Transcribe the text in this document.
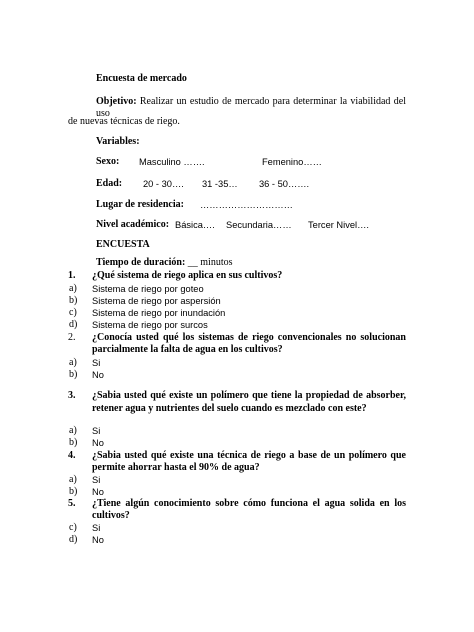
Encuesta de mercado
Objetivo: Realizar un estudio de mercado para determinar la viabilidad del uso
de nuevas técnicas de riego.
Variables:
Sexo: Masculino …….	Femenino……
Edad: 20 - 30…. 31 -35… 36 - 50…….
Lugar de residencia: …………………………
Nivel académico: Básica…. Secundaria…… Tercer Nivel….
ENCUESTA
Tiempo de duración: __ minutos
1. ¿Qué sistema de riego aplica en sus cultivos?
a) Sistema de riego por goteo
b) Sistema de riego por aspersión
c) Sistema de riego por inundación
d) Sistema de riego por surcos
2. ¿Conocía usted qué los sistemas de riego convencionales no solucionan
parcialmente la falta de agua en los cultivos?
a) Si
b) No
3. ¿Sabia usted qué existe un polímero que tiene la propiedad de absorber,
retener agua y nutrientes del suelo cuando es mezclado con este?
a) Si
b) No
4. ¿Sabia usted qué existe una técnica de riego a base de un polímero que
permite ahorrar hasta el 90% de agua?
a) Si
b) No
5. ¿Tiene algún conocimiento sobre cómo funciona el agua solida en los
cultivos?
c) Si
d) No
